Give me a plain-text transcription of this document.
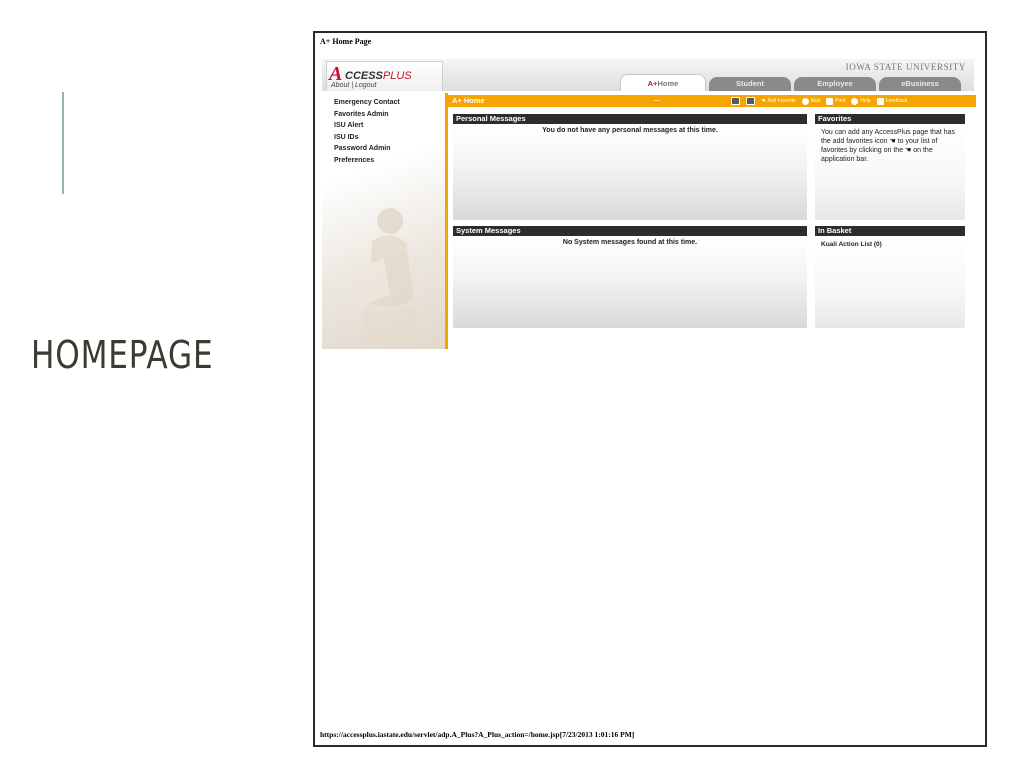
HOMEPAGE
A+ Home Page
A CCESSPLUS
About | Logout
IOWA STATE UNIVERSITY
A+Home	Student	Employee	eBusiness
Emergency Contact
Favorites Admin
ISU Alert
ISU IDs
Password Admin
Preferences
A+ Home	—	☚ Add Favorite	Mail	Print	Help	Feedback
Personal Messages
You do not have any personal messages at this time.
Favorites
You can add any AccessPlus page that has the add favorites icon ☚ to your list of favorites by clicking on the ☚ on the application bar.
System Messages
No System messages found at this time.
In Basket
Kuali Action List (0)
https://accessplus.iastate.edu/servlet/adp.A_Plus?A_Plus_action=/home.jsp[7/23/2013 1:01:16 PM]
